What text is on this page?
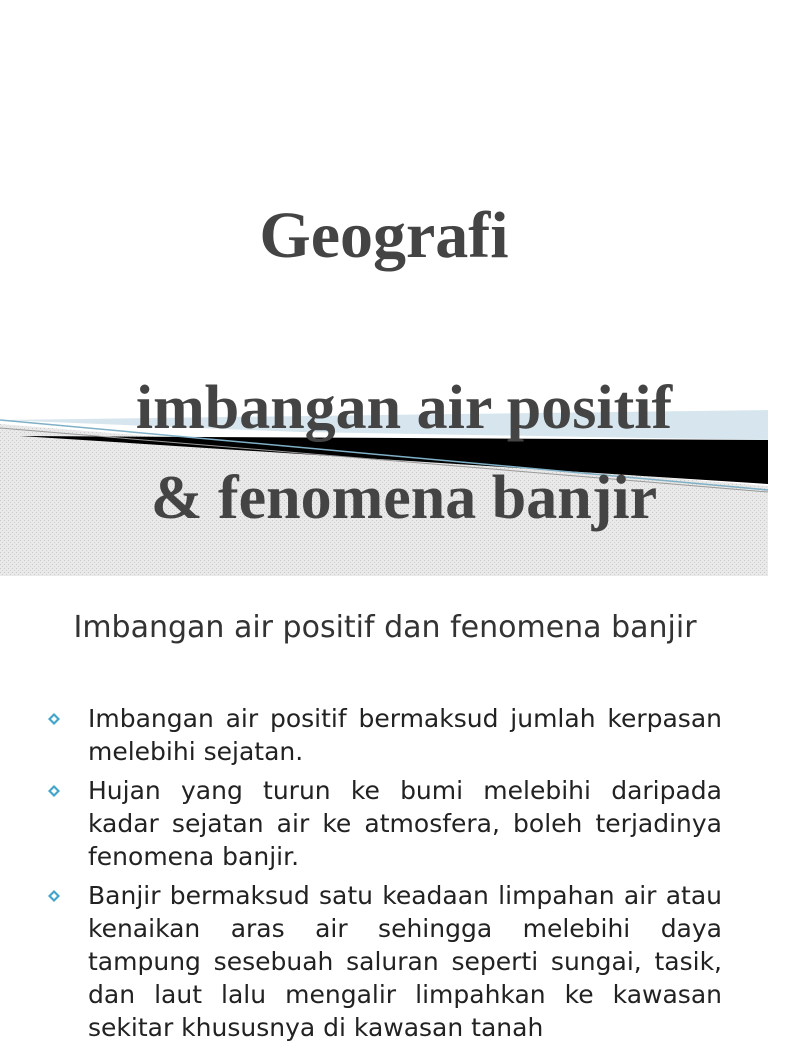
Geografi
imbangan air positif
& fenomena banjir
Imbangan air positif dan fenomena banjir
Imbangan air positif bermaksud jumlah kerpasan melebihi sejatan.
Hujan yang turun ke bumi melebihi daripada kadar sejatan air ke atmosfera, boleh terjadinya fenomena banjir.
Banjir bermaksud satu keadaan limpahan air atau kenaikan aras air sehingga melebihi daya tampung sesebuah saluran seperti sungai, tasik, dan laut lalu mengalir limpahkan ke kawasan sekitar khususnya di kawasan tanah
